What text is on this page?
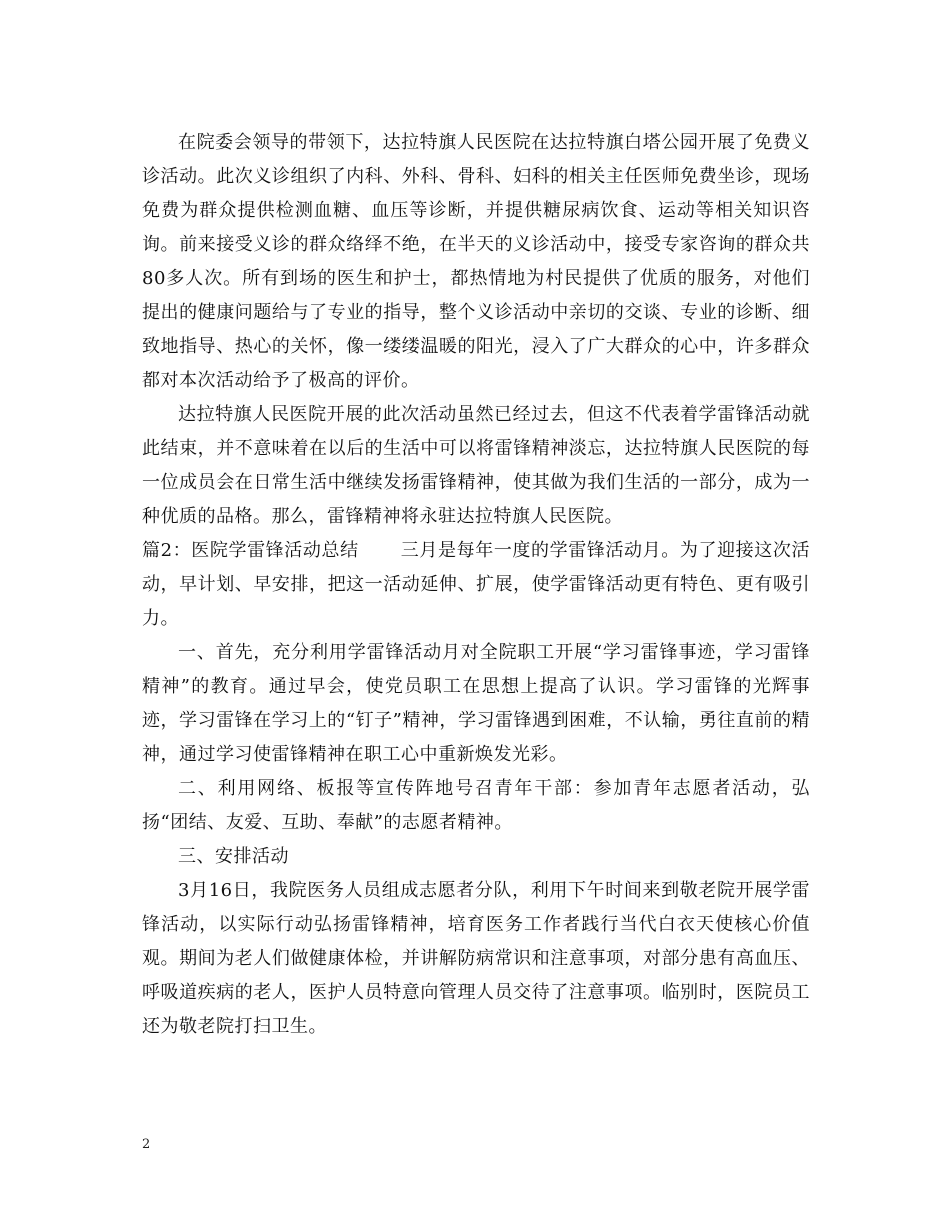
在院委会领导的带领下，达拉特旗人民医院在达拉特旗白塔公园开展了免费义诊活动。此次义诊组织了内科、外科、骨科、妇科的相关主任医师免费坐诊，现场免费为群众提供检测血糖、血压等诊断，并提供糖尿病饮食、运动等相关知识咨询。前来接受义诊的群众络绎不绝，在半天的义诊活动中，接受专家咨询的群众共80多人次。所有到场的医生和护士，都热情地为村民提供了优质的服务，对他们提出的健康问题给与了专业的指导，整个义诊活动中亲切的交谈、专业的诊断、细致地指导、热心的关怀，像一缕缕温暖的阳光，浸入了广大群众的心中，许多群众都对本次活动给予了极高的评价。

达拉特旗人民医院开展的此次活动虽然已经过去，但这不代表着学雷锋活动就此结束，并不意味着在以后的生活中可以将雷锋精神淡忘，达拉特旗人民医院的每一位成员会在日常生活中继续发扬雷锋精神，使其做为我们生活的一部分，成为一种优质的品格。那么，雷锋精神将永驻达拉特旗人民医院。

篇2：医院学雷锋活动总结 三月是每年一度的学雷锋活动月。为了迎接这次活动，早计划、早安排，把这一活动延伸、扩展，使学雷锋活动更有特色、更有吸引力。

一、首先，充分利用学雷锋活动月对全院职工开展“学习雷锋事迹，学习雷锋精神”的教育。通过早会，使党员职工在思想上提高了认识。学习雷锋的光辉事迹，学习雷锋在学习上的“钉子”精神，学习雷锋遇到困难，不认输，勇往直前的精神，通过学习使雷锋精神在职工心中重新焕发光彩。

二、利用网络、板报等宣传阵地号召青年干部：参加青年志愿者活动，弘扬“团结、友爱、互助、奉献”的志愿者精神。

三、安排活动

3月16日，我院医务人员组成志愿者分队，利用下午时间来到敬老院开展学雷锋活动，以实际行动弘扬雷锋精神，培育医务工作者践行当代白衣天使核心价值观。期间为老人们做健康体检，并讲解防病常识和注意事项，对部分患有高血压、呼吸道疾病的老人，医护人员特意向管理人员交待了注意事项。临别时，医院员工还为敬老院打扫卫生。

2
